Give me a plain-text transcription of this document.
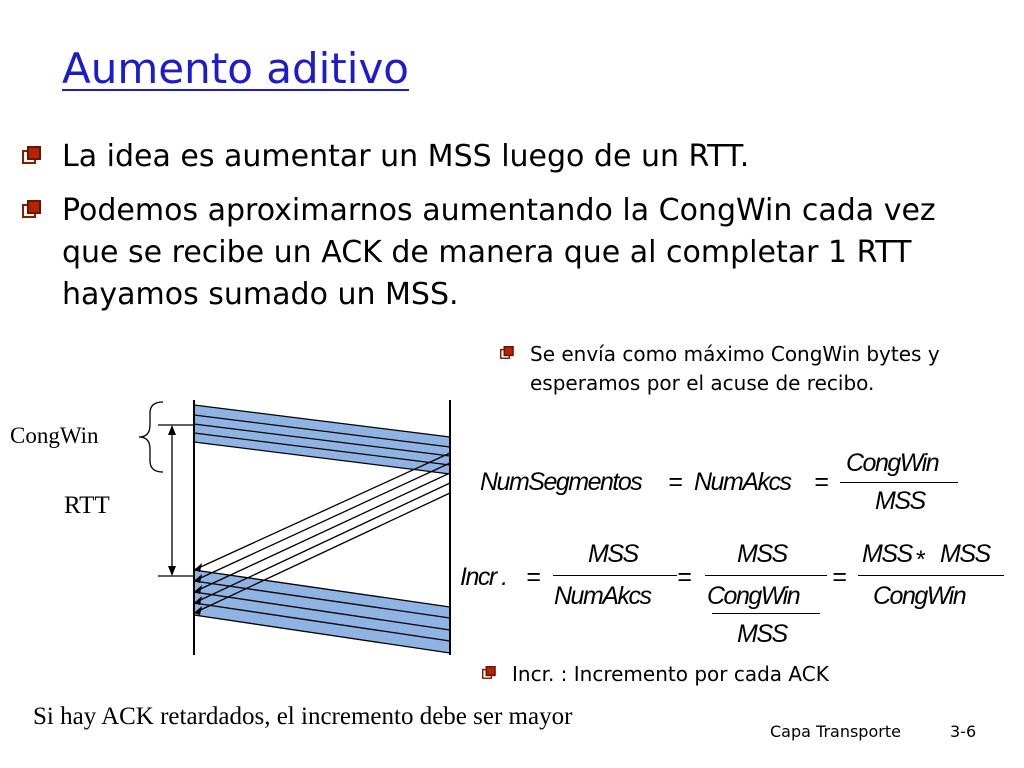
Aumento aditivo
La idea es aumentar un MSS luego de un RTT.
Podemos aproximarnos aumentando la CongWin cada vez que se recibe un ACK de manera que al completar 1 RTT hayamos sumado un MSS.
Se envía como máximo CongWin bytes y esperamos por el acuse de recibo.
Incr. : Incremento por cada ACK
CongWin
RTT
NumSegmentos = NumAkcs =
CongWin
MSS
Incr . =
MSS
NumAkcs
=
MSS
CongWin
MSS
=
MSS * MSS
CongWin
Si hay ACK retardados, el incremento debe ser mayor
Capa Transporte	3-6
